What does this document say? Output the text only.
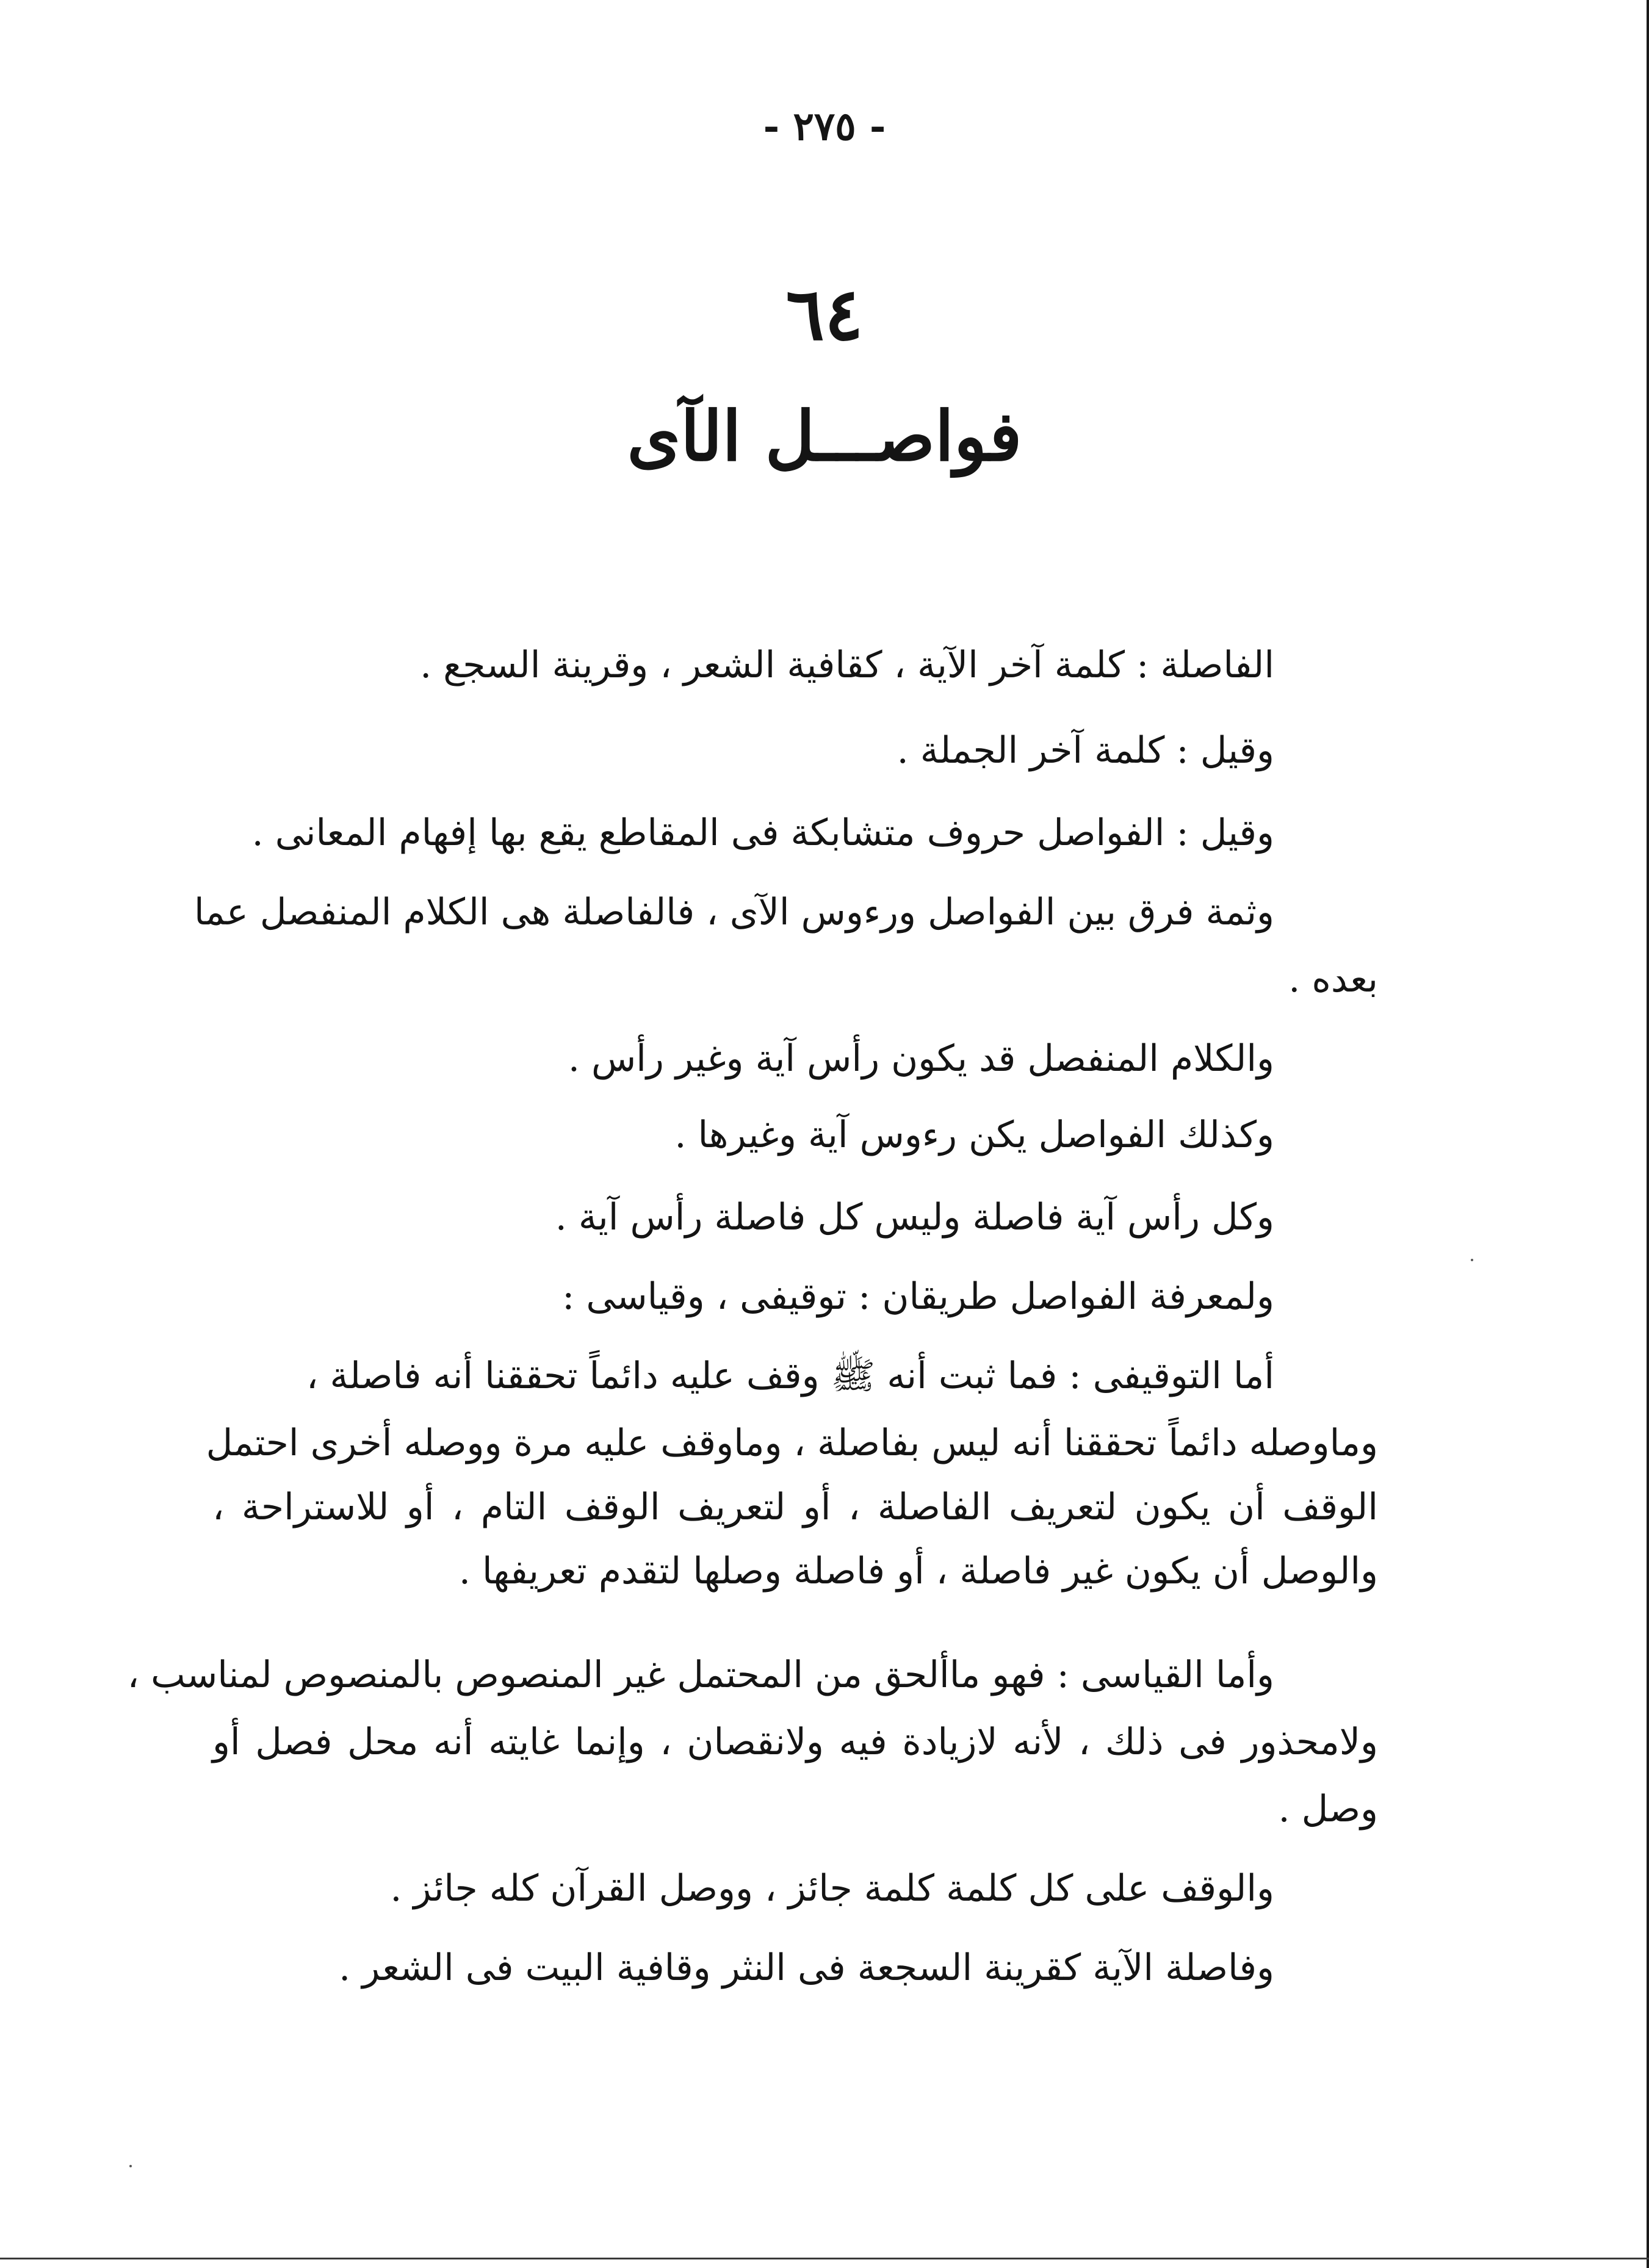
- ٢٧٥ -
٦٤
فواصـــل الآى
الفاصلة : كلمة آخر الآية ، كقافية الشعر ، وقرينة السجع .
وقيل : كلمة آخر الجملة .
وقيل : الفواصل حروف متشابكة فى المقاطع يقع بها إفهام المعانى .
وثمة فرق بين الفواصل ورءوس الآى ، فالفاصلة هى الكلام المنفصل عما
بعده .
والكلام المنفصل قد يكون رأس آية وغير رأس .
وكذلك الفواصل يكن رءوس آية وغيرها .
وكل رأس آية فاصلة وليس كل فاصلة رأس آية .
ولمعرفة الفواصل طريقان : توقيفى ، وقياسى :
أما التوقيفى : فما ثبت أنه ﷺ وقف عليه دائماً تحققنا أنه فاصلة ،
وماوصله دائماً تحققنا أنه ليس بفاصلة ، وماوقف عليه مرة ووصله أخرى احتمل
الوقف أن يكون لتعريف الفاصلة ، أو لتعريف الوقف التام ، أو للاستراحة ،
والوصل أن يكون غير فاصلة ، أو فاصلة وصلها لتقدم تعريفها .
وأما القياسى : فهو ماألحق من المحتمل غير المنصوص بالمنصوص لمناسب ،
ولامحذور فى ذلك ، لأنه لازيادة فيه ولانقصان ، وإنما غايته أنه محل فصل أو
وصل .
والوقف على كل كلمة كلمة جائز ، ووصل القرآن كله جائز .
وفاصلة الآية كقرينة السجعة فى النثر وقافية البيت فى الشعر .
